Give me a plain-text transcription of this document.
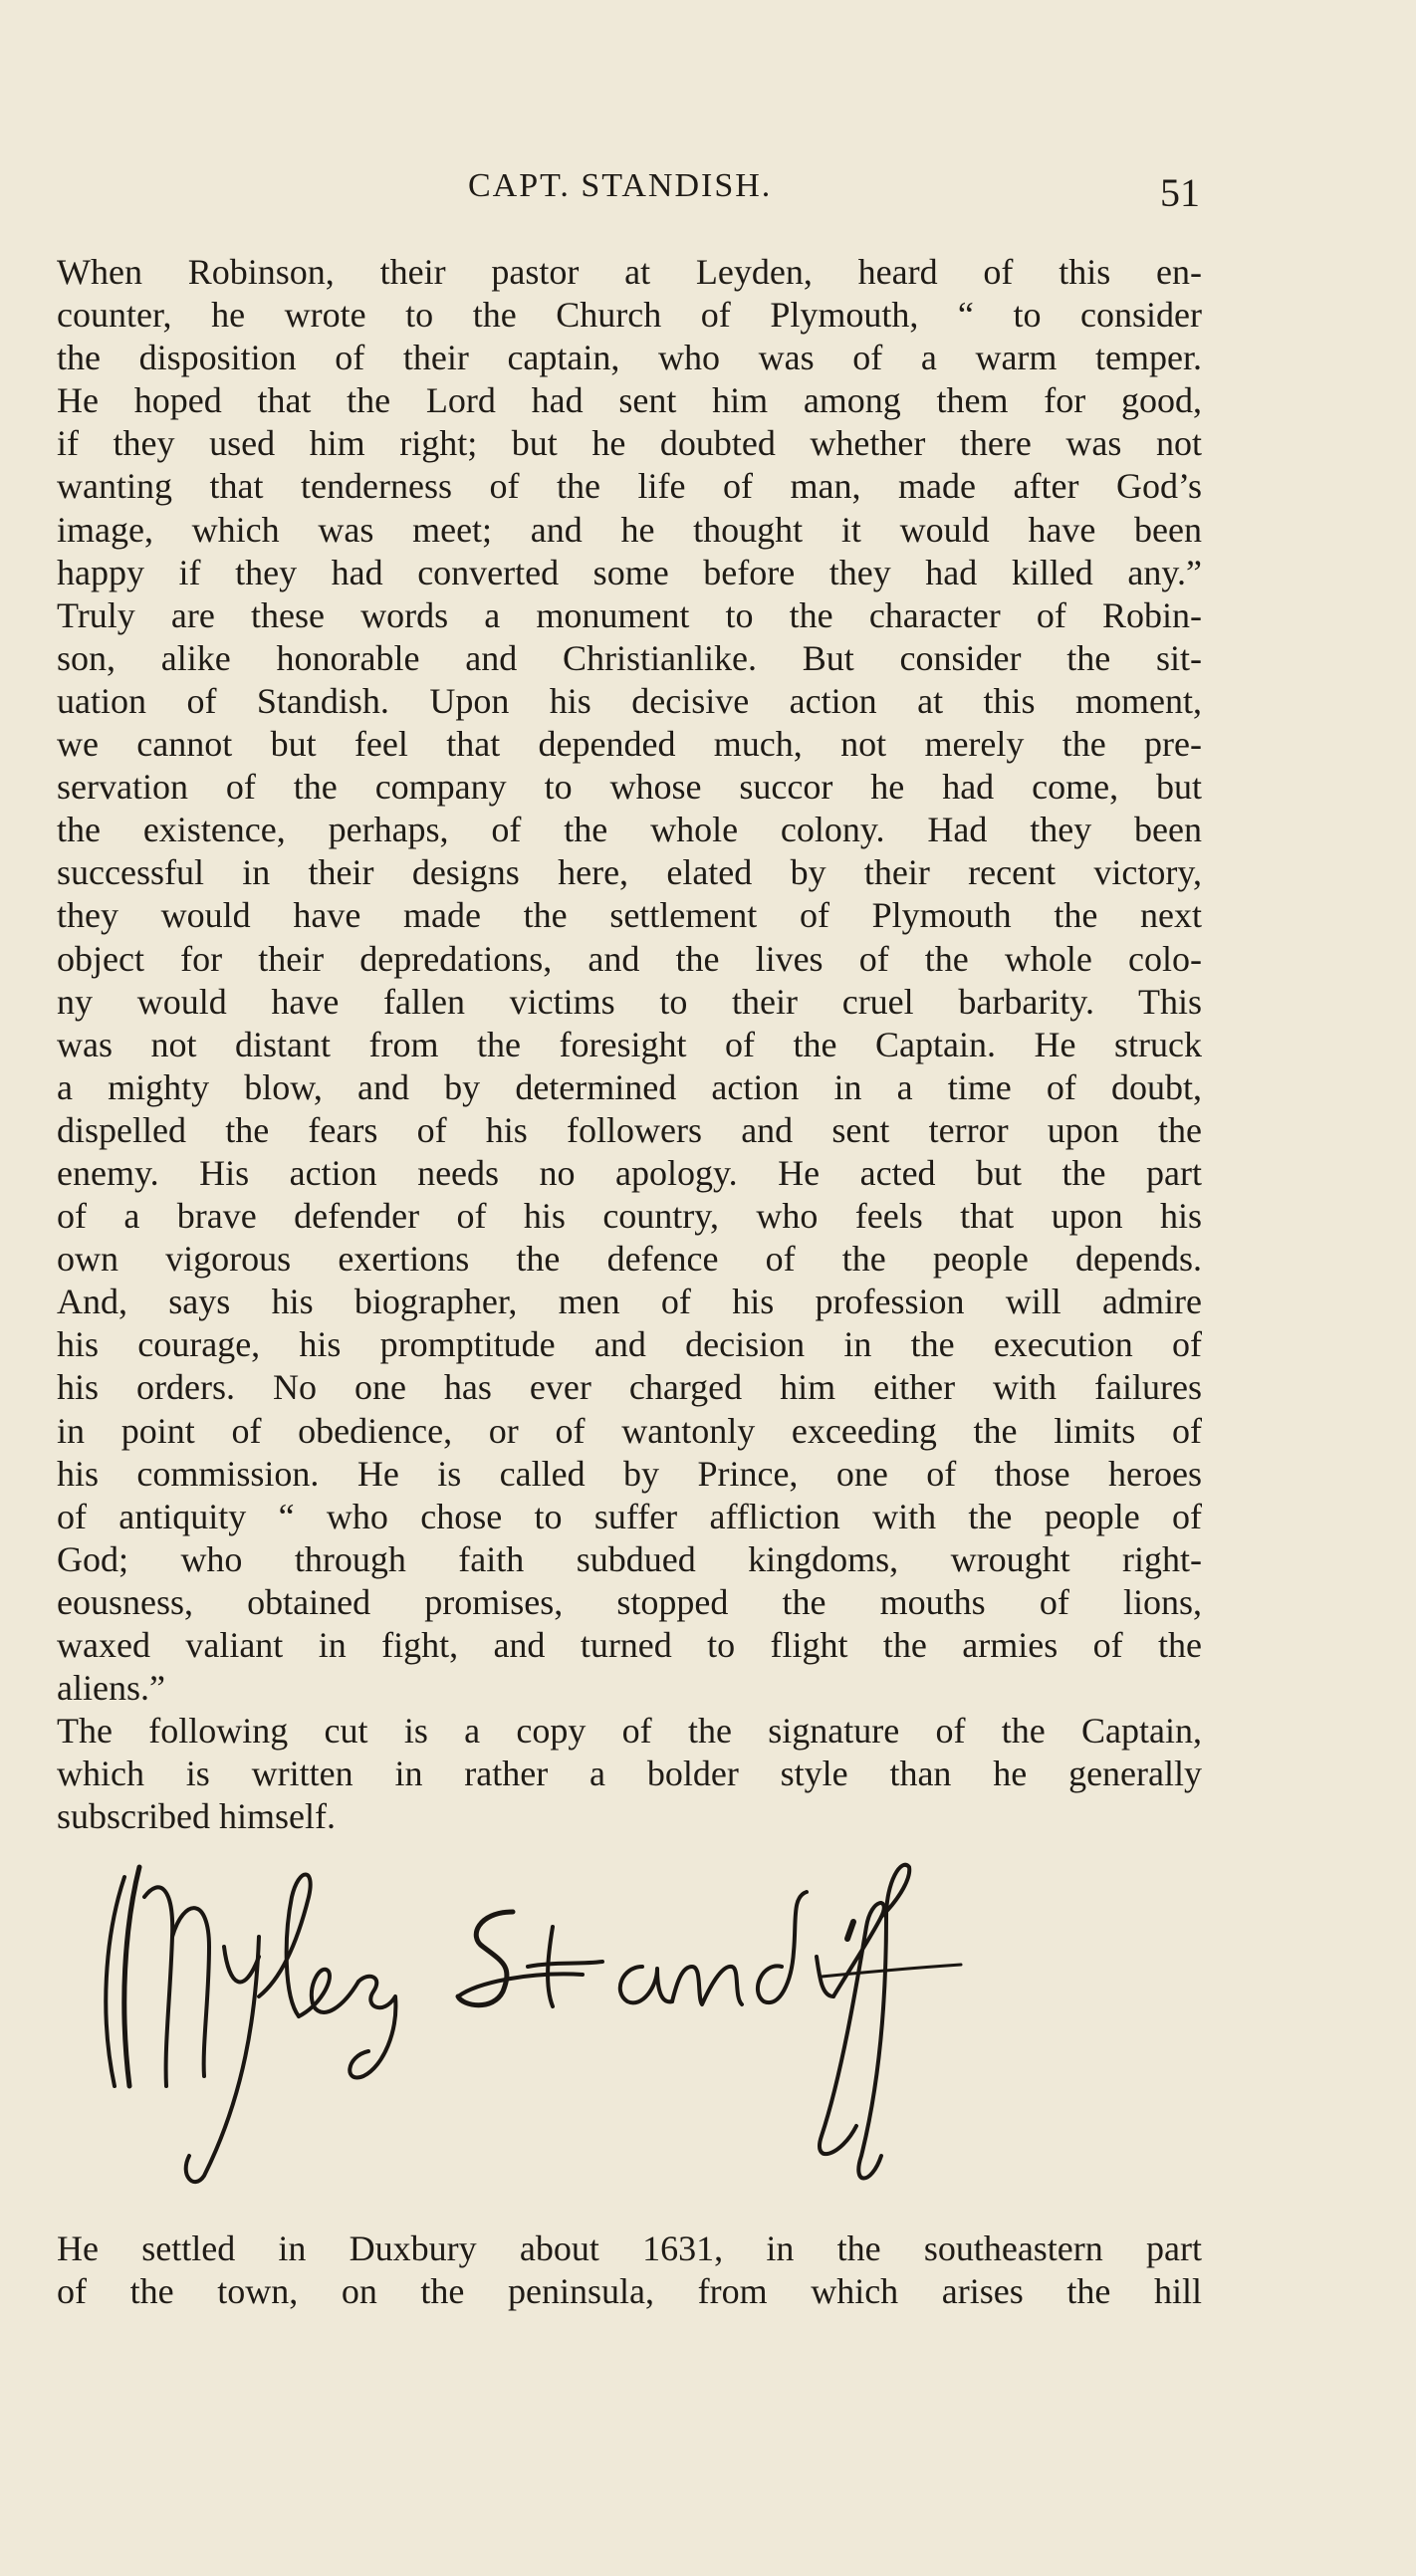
CAPT. STANDISH.	51
When Robinson, their pastor at Leyden, heard of this en-
counter, he wrote to the Church of Plymouth, “ to consider
the disposition of their captain, who was of a warm temper.
He hoped that the Lord had sent him among them for good,
if they used him right; but he doubted whether there was not
wanting that tenderness of the life of man, made after God’s
image, which was meet; and he thought it would have been
happy if they had converted some before they had killed any.”
Truly are these words a monument to the character of Robin-
son, alike honorable and Christianlike. But consider the sit-
uation of Standish. Upon his decisive action at this moment,
we cannot but feel that depended much, not merely the pre-
servation of the company to whose succor he had come, but
the existence, perhaps, of the whole colony. Had they been
successful in their designs here, elated by their recent victory,
they would have made the settlement of Plymouth the next
object for their depredations, and the lives of the whole colo-
ny would have fallen victims to their cruel barbarity. This
was not distant from the foresight of the Captain. He struck
a mighty blow, and by determined action in a time of doubt,
dispelled the fears of his followers and sent terror upon the
enemy. His action needs no apology. He acted but the part
of a brave defender of his country, who feels that upon his
own vigorous exertions the defence of the people depends.
And, says his biographer, men of his profession will admire
his courage, his promptitude and decision in the execution of
his orders. No one has ever charged him either with failures
in point of obedience, or of wantonly exceeding the limits of
his commission. He is called by Prince, one of those heroes
of antiquity “ who chose to suffer affliction with the people of
God; who through faith subdued kingdoms, wrought right-
eousness, obtained promises, stopped the mouths of lions,
waxed valiant in fight, and turned to flight the armies of the
aliens.”
The following cut is a copy of the signature of the Captain,
which is written in rather a bolder style than he generally
subscribed himself.
He settled in Duxbury about 1631, in the southeastern part
of the town, on the peninsula, from which arises the hill
